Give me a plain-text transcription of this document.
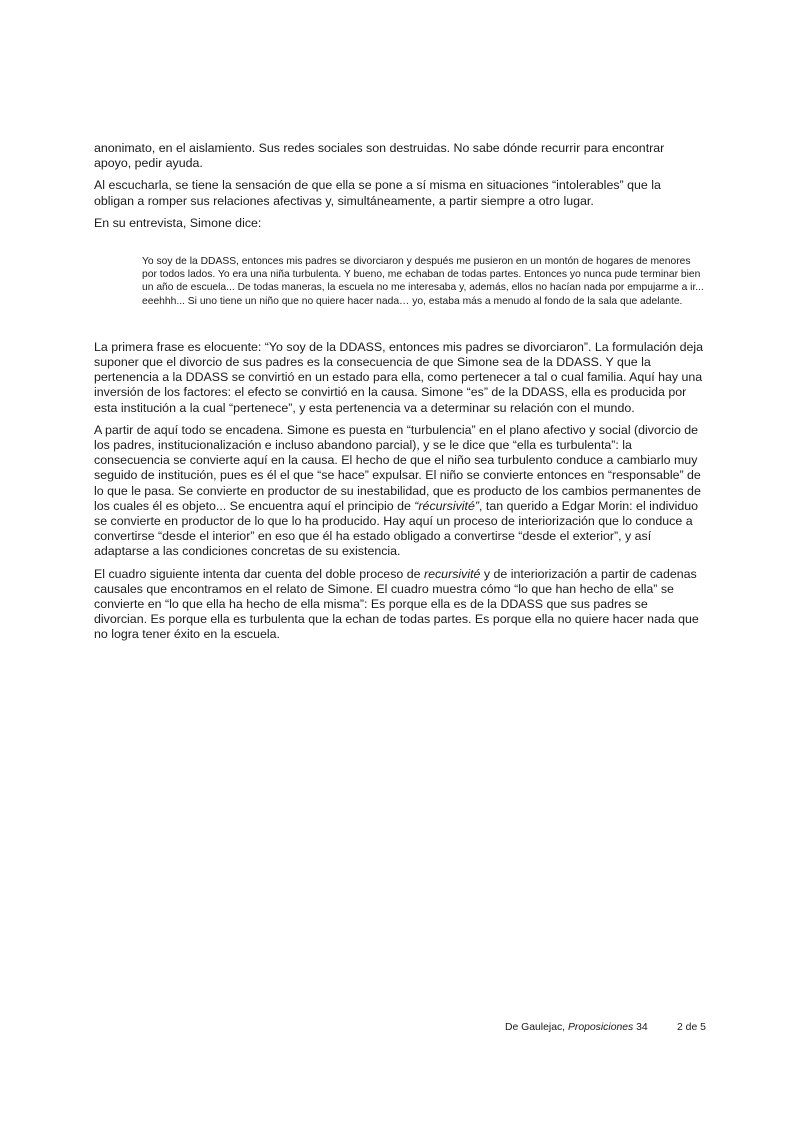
anonimato, en el aislamiento. Sus redes sociales son destruidas. No sabe dónde recurrir para encontrar apoyo, pedir ayuda.

Al escucharla, se tiene la sensación de que ella se pone a sí misma en situaciones “intolerables” que la obligan a romper sus relaciones afectivas y, simultáneamente, a partir siempre a otro lugar.

En su entrevista, Simone dice:

Yo soy de la DDASS, entonces mis padres se divorciaron y después me pusieron en un montón de hogares de menores por todos lados. Yo era una niña turbulenta. Y bueno, me echaban de todas partes. Entonces yo nunca pude terminar bien un año de escuela... De todas maneras, la escuela no me interesaba y, además, ellos no hacían nada por empujarme a ir... eeehhh... Si uno tiene un niño que no quiere hacer nada… yo, estaba más a menudo al fondo de la sala que adelante.

La primera frase es elocuente: “Yo soy de la DDASS, entonces mis padres se divorciaron”. La formulación deja suponer que el divorcio de sus padres es la consecuencia de que Simone sea de la DDASS. Y que la pertenencia a la DDASS se convirtió en un estado para ella, como pertenecer a tal o cual familia. Aquí hay una inversión de los factores: el efecto se convirtió en la causa. Simone “es” de la DDASS, ella es producida por esta institución a la cual “pertenece”, y esta pertenencia va a determinar su relación con el mundo.

A partir de aquí todo se encadena. Simone es puesta en “turbulencia” en el plano afectivo y social (divorcio de los padres, institucionalización e incluso abandono parcial), y se le dice que “ella es turbulenta”: la consecuencia se convierte aquí en la causa. El hecho de que el niño sea turbulento conduce a cambiarlo muy seguido de institución, pues es él el que “se hace” expulsar. El niño se convierte entonces en “responsable” de lo que le pasa. Se convierte en productor de su inestabilidad, que es producto de los cambios permanentes de los cuales él es objeto... Se encuentra aquí el principio de “récursivité”, tan querido a Edgar Morin: el individuo se convierte en productor de lo que lo ha producido. Hay aquí un proceso de interiorización que lo conduce a convertirse “desde el interior” en eso que él ha estado obligado a convertirse “desde el exterior”, y así adaptarse a las condiciones concretas de su existencia.

El cuadro siguiente intenta dar cuenta del doble proceso de recursivité y de interiorización a partir de cadenas causales que encontramos en el relato de Simone. El cuadro muestra cómo “lo que han hecho de ella” se convierte en “lo que ella ha hecho de ella misma”: Es porque ella es de la DDASS que sus padres se divorcian. Es porque ella es turbulenta que la echan de todas partes. Es porque ella no quiere hacer nada que no logra tener éxito en la escuela.

De Gaulejac, Proposiciones 34	2 de 5
